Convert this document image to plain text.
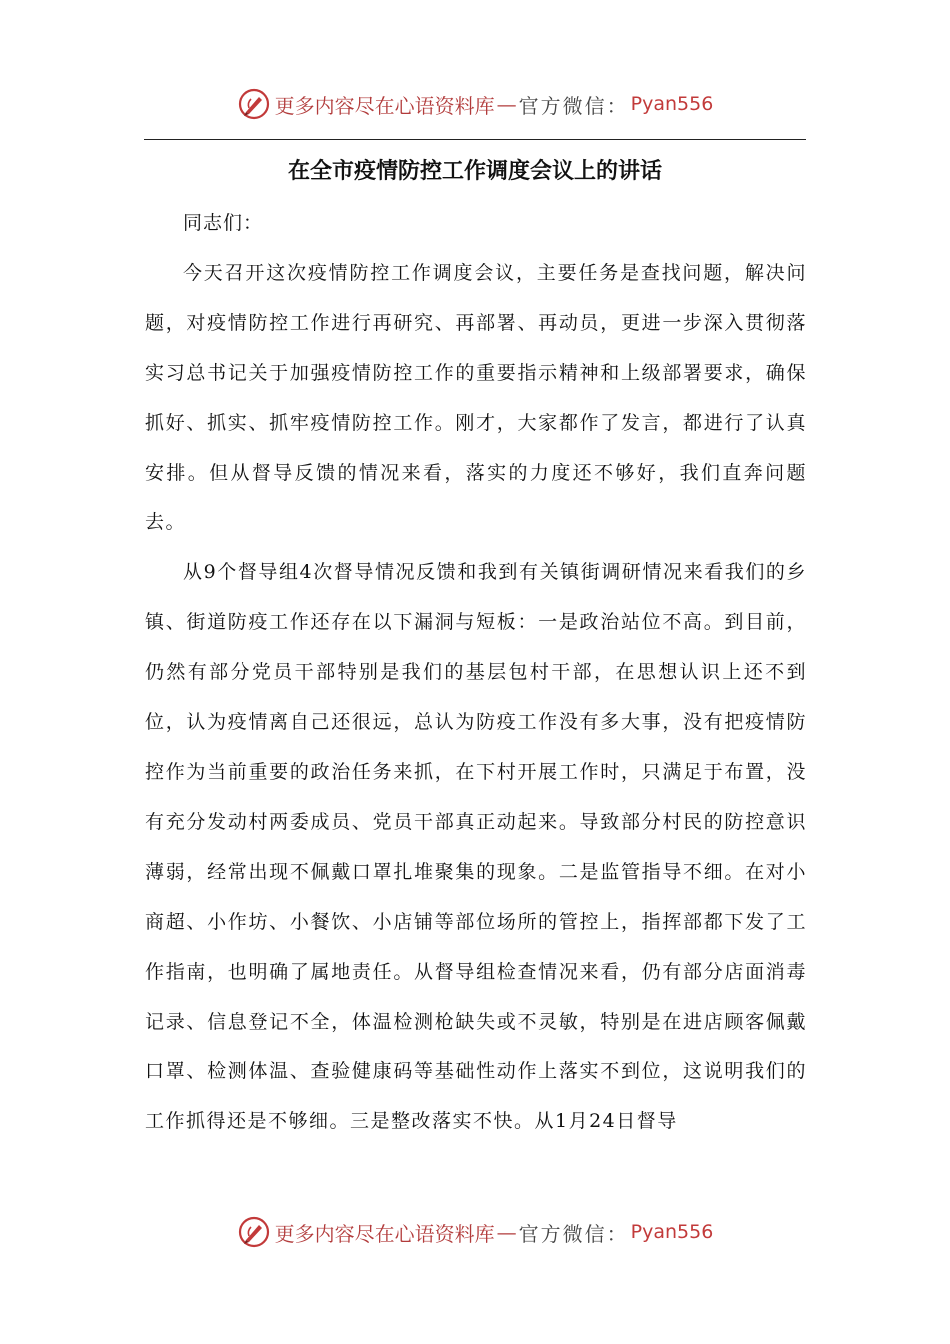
更多内容尽在心语资料库 — 官方微信： Pyan556
在全市疫情防控工作调度会议上的讲话

同志们：

今天召开这次疫情防控工作调度会议，主要任务是查找问题，解决问题，对疫情防控工作进行再研究、再部署、再动员，更进一步深入贯彻落实习总书记关于加强疫情防控工作的重要指示精神和上级部署要求，确保抓好、抓实、抓牢疫情防控工作。刚才，大家都作了发言，都进行了认真安排。但从督导反馈的情况来看，落实的力度还不够好，我们直奔问题去。

从9个督导组4次督导情况反馈和我到有关镇街调研情况来看我们的乡镇、街道防疫工作还存在以下漏洞与短板：一是政治站位不高。到目前，仍然有部分党员干部特别是我们的基层包村干部，在思想认识上还不到位，认为疫情离自己还很远，总认为防疫工作没有多大事，没有把疫情防控作为当前重要的政治任务来抓，在下村开展工作时，只满足于布置，没有充分发动村两委成员、党员干部真正动起来。导致部分村民的防控意识薄弱，经常出现不佩戴口罩扎堆聚集的现象。二是监管指导不细。在对小商超、小作坊、小餐饮、小店铺等部位场所的管控上，指挥部都下发了工作指南，也明确了属地责任。从督导组检查情况来看，仍有部分店面消毒记录、信息登记不全，体温检测枪缺失或不灵敏，特别是在进店顾客佩戴口罩、检测体温、查验健康码等基础性动作上落实不到位，这说明我们的工作抓得还是不够细。三是整改落实不快。从1月24日督导

更多内容尽在心语资料库 — 官方微信： Pyan556
